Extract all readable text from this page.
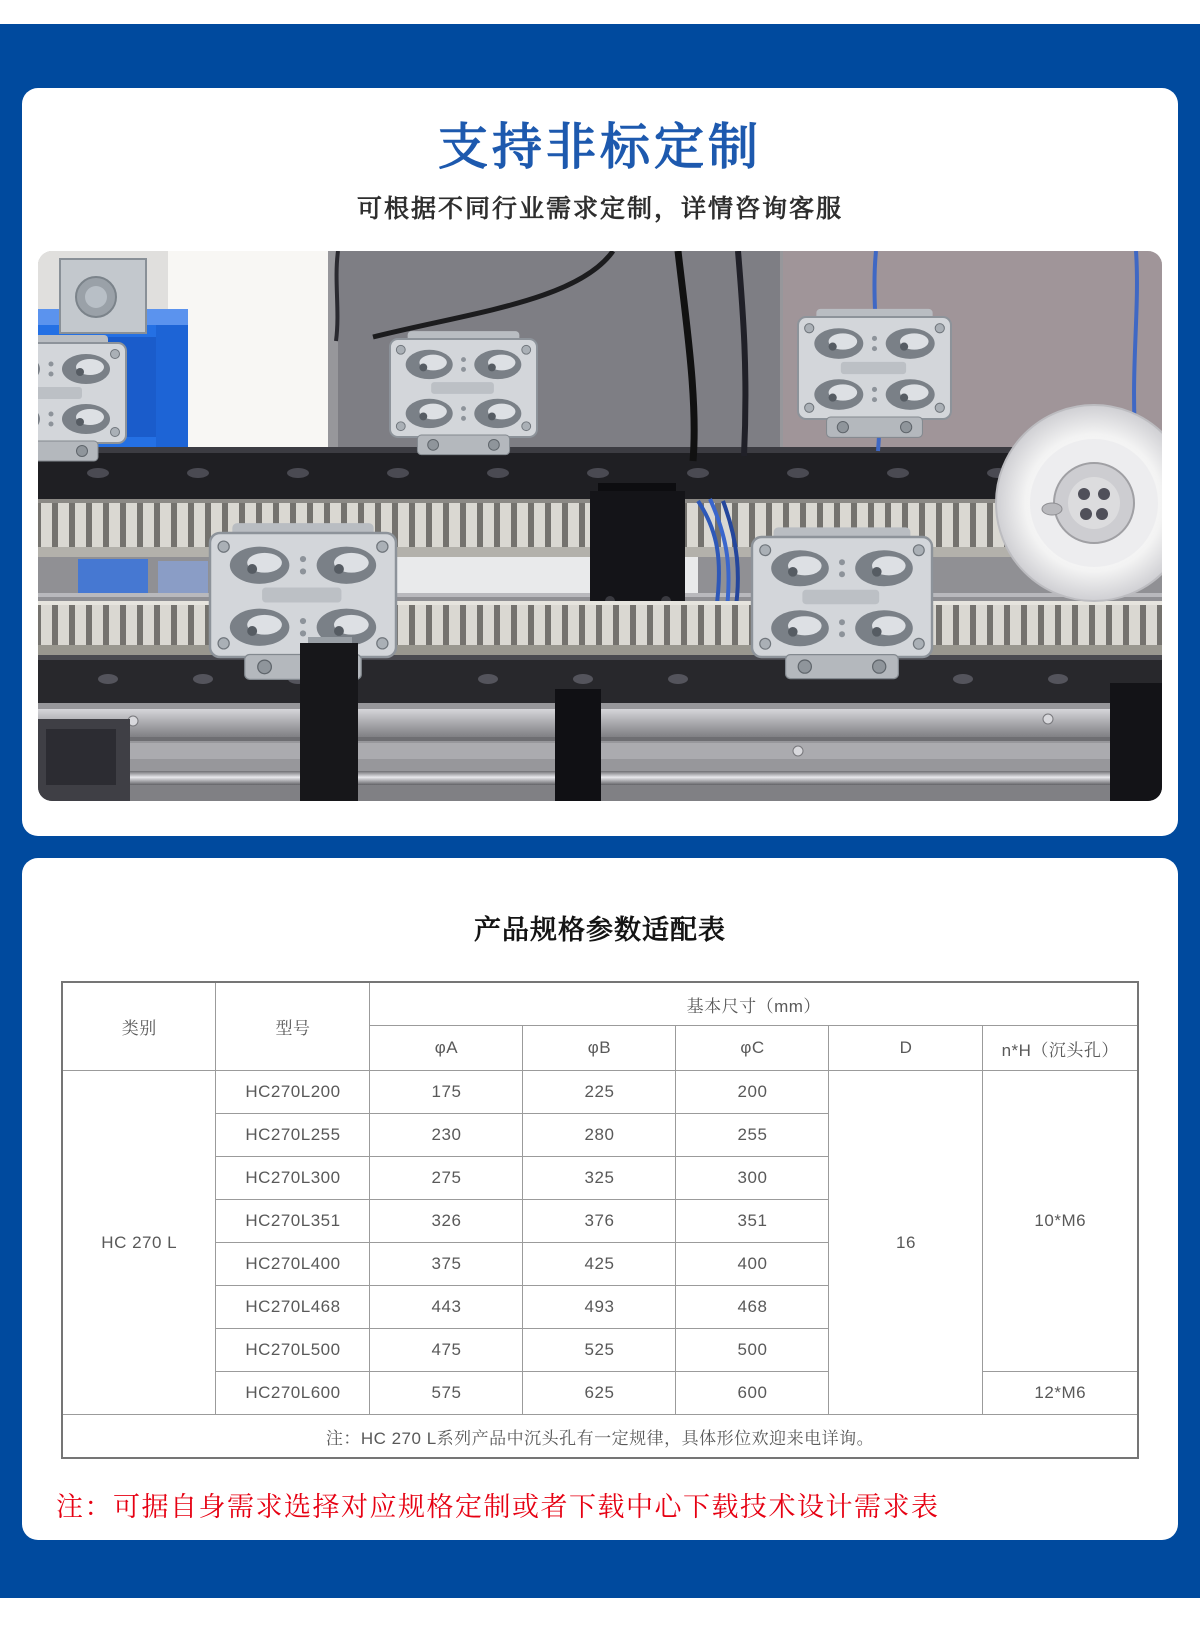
支持非标定制

可根据不同行业需求定制，详情咨询客服

产品规格参数适配表
类别	型号	基本尺寸（mm）				
		φA	φB	φC	D	n*H（沉头孔）
HC 270 L	HC270L200	175	225	200	16	10*M6
	HC270L255	230	280	255		
	HC270L300	275	325	300		
	HC270L351	326	376	351		
	HC270L400	375	425	400		
	HC270L468	443	493	468		
	HC270L500	475	525	500		
	HC270L600	575	625	600		12*M6
注：HC 270 L系列产品中沉头孔有一定规律，具体形位欢迎来电详询。						

注：可据自身需求选择对应规格定制或者下载中心下载技术设计需求表
